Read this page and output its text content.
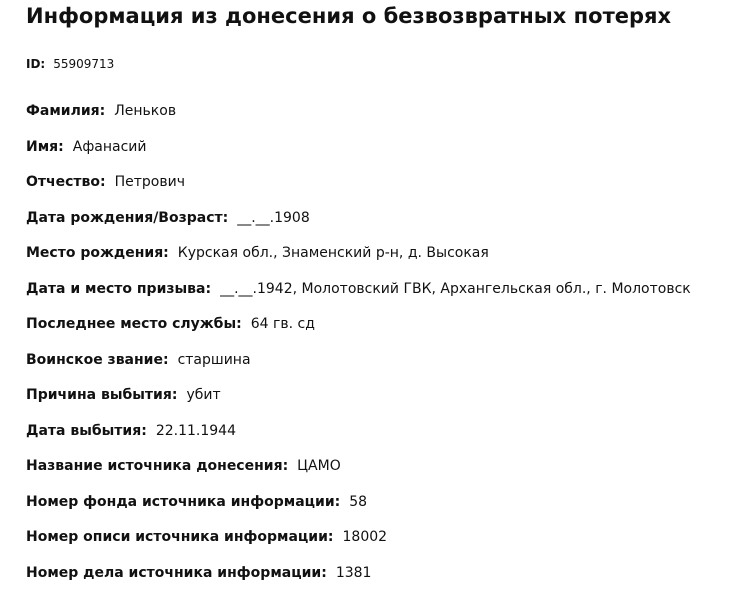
Информация из донесения о безвозвратных потерях
ID: 55909713
Фамилия: Леньков
Имя: Афанасий
Отчество: Петрович
Дата рождения/Возраст: __.__.1908
Место рождения: Курская обл., Знаменский р-н, д. Высокая
Дата и место призыва: __.__.1942, Молотовский ГВК, Архангельская обл., г. Молотовск
Последнее место службы: 64 гв. сд
Воинское звание: старшина
Причина выбытия: убит
Дата выбытия: 22.11.1944
Название источника донесения: ЦАМО
Номер фонда источника информации: 58
Номер описи источника информации: 18002
Номер дела источника информации: 1381
